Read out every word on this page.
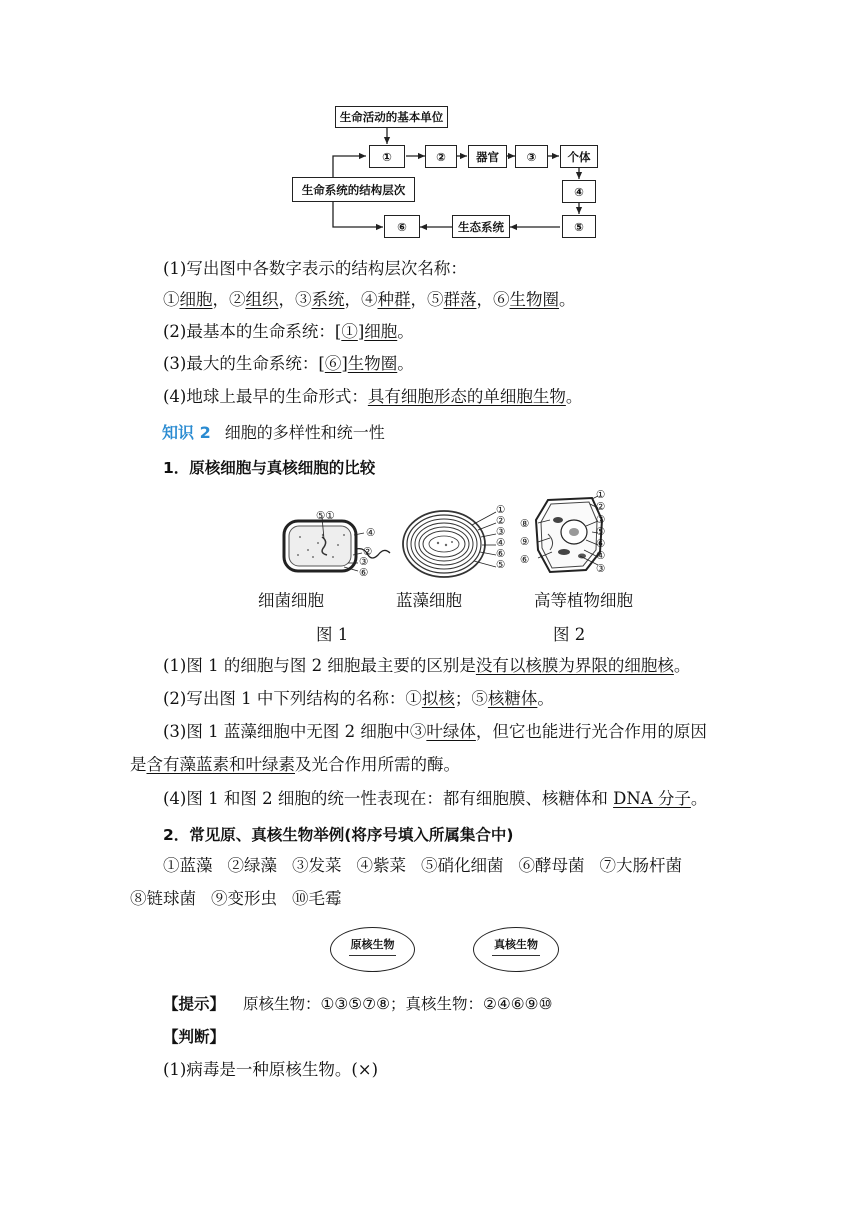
生命活动的基本单位
①	②	器官	③	个体
④
⑤
生态系统
⑥
生命系统的结构层次
(1)写出图中各数字表示的结构层次名称：
①细胞，②组织，③系统，④种群，⑤群落，⑥生物圈。
(2)最基本的生命系统：[①]细胞。
(3)最大的生命系统：[⑥]生物圈。
(4)地球上最早的生命形式：具有细胞形态的单细胞生物。
知识 2 细胞的多样性和统一性
1．原核细胞与真核细胞的比较
⑤①
④
②
③
⑥
①
②
③
④
⑥
⑤
⑧
⑨
⑥
①
②
⑦
⑤
⑥
④
③
细菌细胞	蓝藻细胞	高等植物细胞
图 1	图 2
(1)图 1 的细胞与图 2 细胞最主要的区别是没有以核膜为界限的细胞核。
(2)写出图 1 中下列结构的名称：①拟核；⑤核糖体。
(3)图 1 蓝藻细胞中无图 2 细胞中③叶绿体，但它也能进行光合作用的原因
是含有藻蓝素和叶绿素及光合作用所需的酶。
(4)图 1 和图 2 细胞的统一性表现在：都有细胞膜、核糖体和 DNA 分子。
2．常见原、真核生物举例(将序号填入所属集合中)
①蓝藻 ②绿藻 ③发菜 ④紫菜 ⑤硝化细菌 ⑥酵母菌 ⑦大肠杆菌
⑧链球菌 ⑨变形虫 ⑩毛霉
原核生物	真核生物
【提示】 原核生物：①③⑤⑦⑧；真核生物：②④⑥⑨⑩
【判断】
(1)病毒是一种原核生物。(×)
